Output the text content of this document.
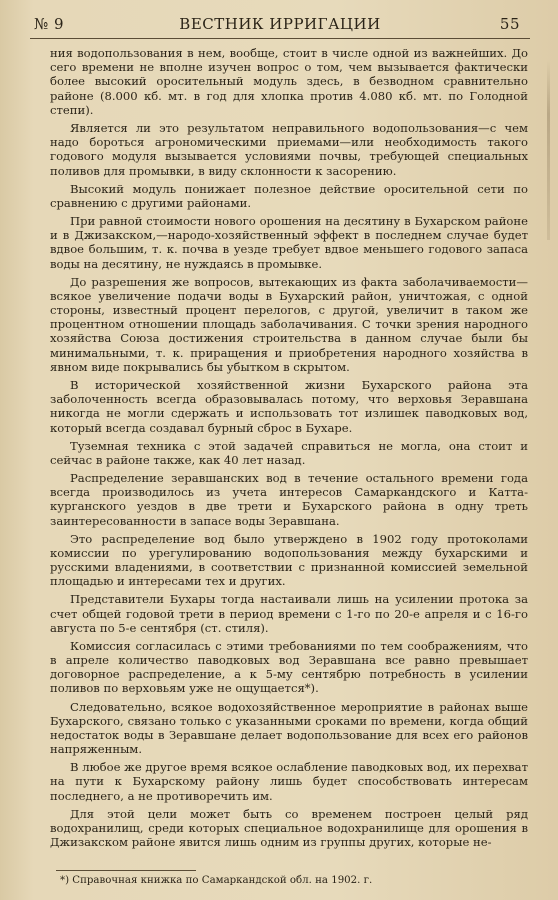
№ 9	ВЕСТНИК ИРРИГАЦИИ	55

ния водопользования в нем, вообще, стоит в числе одной из важнейших. До сего времени не вполне изучен вопрос о том, чем вызывается фактически более высокий оросительный модуль здесь, в безводном сравнительно районе (8.000 кб. мт. в год для хлопка против 4.080 кб. мт. по Голодной степи).

Является ли это результатом неправильного водопользования—с чем надо бороться агрономическими приемами—или необходимость такого годового модуля вызывается условиями почвы, требующей специальных поливов для промывки, в виду склонности к засорению.

Высокий модуль понижает полезное действие оросительной сети по сравнению с другими районами.

При равной стоимости нового орошения на десятину в Бухарском районе и в Джизакском,—народо-хозяйственный эффект в последнем случае будет вдвое большим, т. к. почва в уезде требует вдвое меньшего годового запаса воды на десятину, не нуждаясь в промывке.

До разрешения же вопросов, вытекающих из факта заболачиваемости—всякое увеличение подачи воды в Бухарский район, уничтожая, с одной стороны, известный процент перелогов, с другой, увеличит в таком же процентном отношении площадь заболачивания. С точки зрения народного хозяйства Союза достижения строительства в данном случае были бы минимальными, т. к. приращения и приобретения народного хозяйства в явном виде покрывались бы убытком в скрытом.

В исторической хозяйственной жизни Бухарского района эта заболоченность всегда образовывалась потому, что верховья Зеравшана никогда не могли сдержать и использовать тот излишек паводковых вод, который всегда создавал бурный сброс в Бухаре.

Туземная техника с этой задачей справиться не могла, она стоит и сейчас в районе также, как 40 лет назад.

Распределение зеравшанских вод в течение остального времени года всегда производилось из учета интересов Самаркандского и Катта-курганского уездов в две трети и Бухарского района в одну треть заинтересованности в запасе воды Зеравшана.

Это распределение вод было утверждено в 1902 году протоколами комиссии по урегулированию водопользования между бухарскими и русскими владениями, в соответствии с признанной комиссией земельной площадью и интересами тех и других.

Представители Бухары тогда настаивали лишь на усилении протока за счет общей годовой трети в период времени с 1-го по 20-е апреля и с 16-го августа по 5-е сентября (ст. стиля).

Комиссия согласилась с этими требованиями по тем соображениям, что в апреле количество паводковых вод Зеравшана все равно превышает договорное распределение, а к 5-му сентябрю потребность в усилении поливов по верховьям уже не ощущается*).

Следовательно, всякое водохозяйственное мероприятие в районах выше Бухарского, связано только с указанными сроками по времени, когда общий недостаток воды в Зеравшане делает водопользование для всех его районов напряженным.

В любое же другое время всякое ослабление паводковых вод, их перехват на пути к Бухарскому району лишь будет способствовать интересам последнего, а не противоречить им.

Для этой цели может быть со временем построен целый ряд водохранилищ, среди которых специальное водохранилище для орошения в Джизакском районе явится лишь одним из группы других, которые не-

*) Справочная книжка по Самаркандской обл. на 1902. г.
